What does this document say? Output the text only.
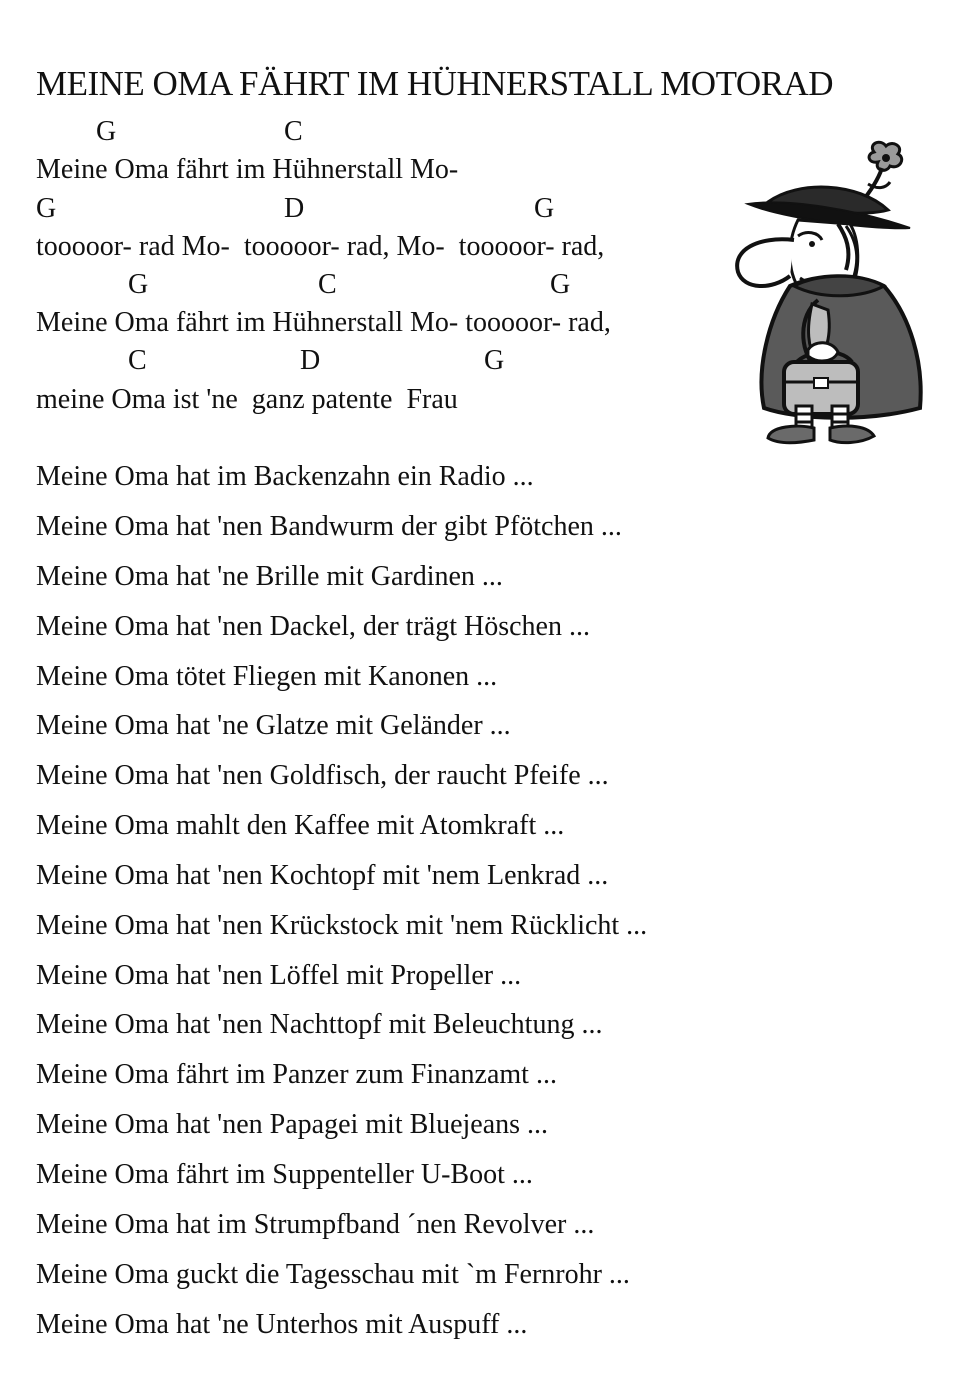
MEINE OMA FÄHRT IM HÜHNERSTALL MOTORAD
G	C
Meine Oma fährt im Hühnerstall Mo-
G	D	G
tooooor- rad Mo-  tooooor- rad, Mo-  tooooor- rad,
G	C	G
Meine Oma fährt im Hühnerstall Mo- tooooor- rad,
C	D	G
meine Oma ist 'ne  ganz patente  Frau
Meine Oma hat im Backenzahn ein Radio ...
Meine Oma hat 'nen Bandwurm der gibt Pfötchen ...
Meine Oma hat 'ne Brille mit Gardinen ...
Meine Oma hat 'nen Dackel, der trägt Höschen ...
Meine Oma tötet Fliegen mit Kanonen ...
Meine Oma hat 'ne Glatze mit Geländer ...
Meine Oma hat 'nen Goldfisch, der raucht Pfeife ...
Meine Oma mahlt den Kaffee mit Atomkraft ...
Meine Oma hat 'nen Kochtopf mit 'nem Lenkrad ...
Meine Oma hat 'nen Krückstock mit 'nem Rücklicht ...
Meine Oma hat 'nen Löffel mit Propeller ...
Meine Oma hat 'nen Nachttopf mit Beleuchtung ...
Meine Oma fährt im Panzer zum Finanzamt ...
Meine Oma hat 'nen Papagei mit Bluejeans ...
Meine Oma fährt im Suppenteller U-Boot ...
Meine Oma hat im Strumpfband ´nen Revolver ...
Meine Oma guckt die Tagesschau mit `m Fernrohr ...
Meine Oma hat 'ne Unterhos mit Auspuff ...
